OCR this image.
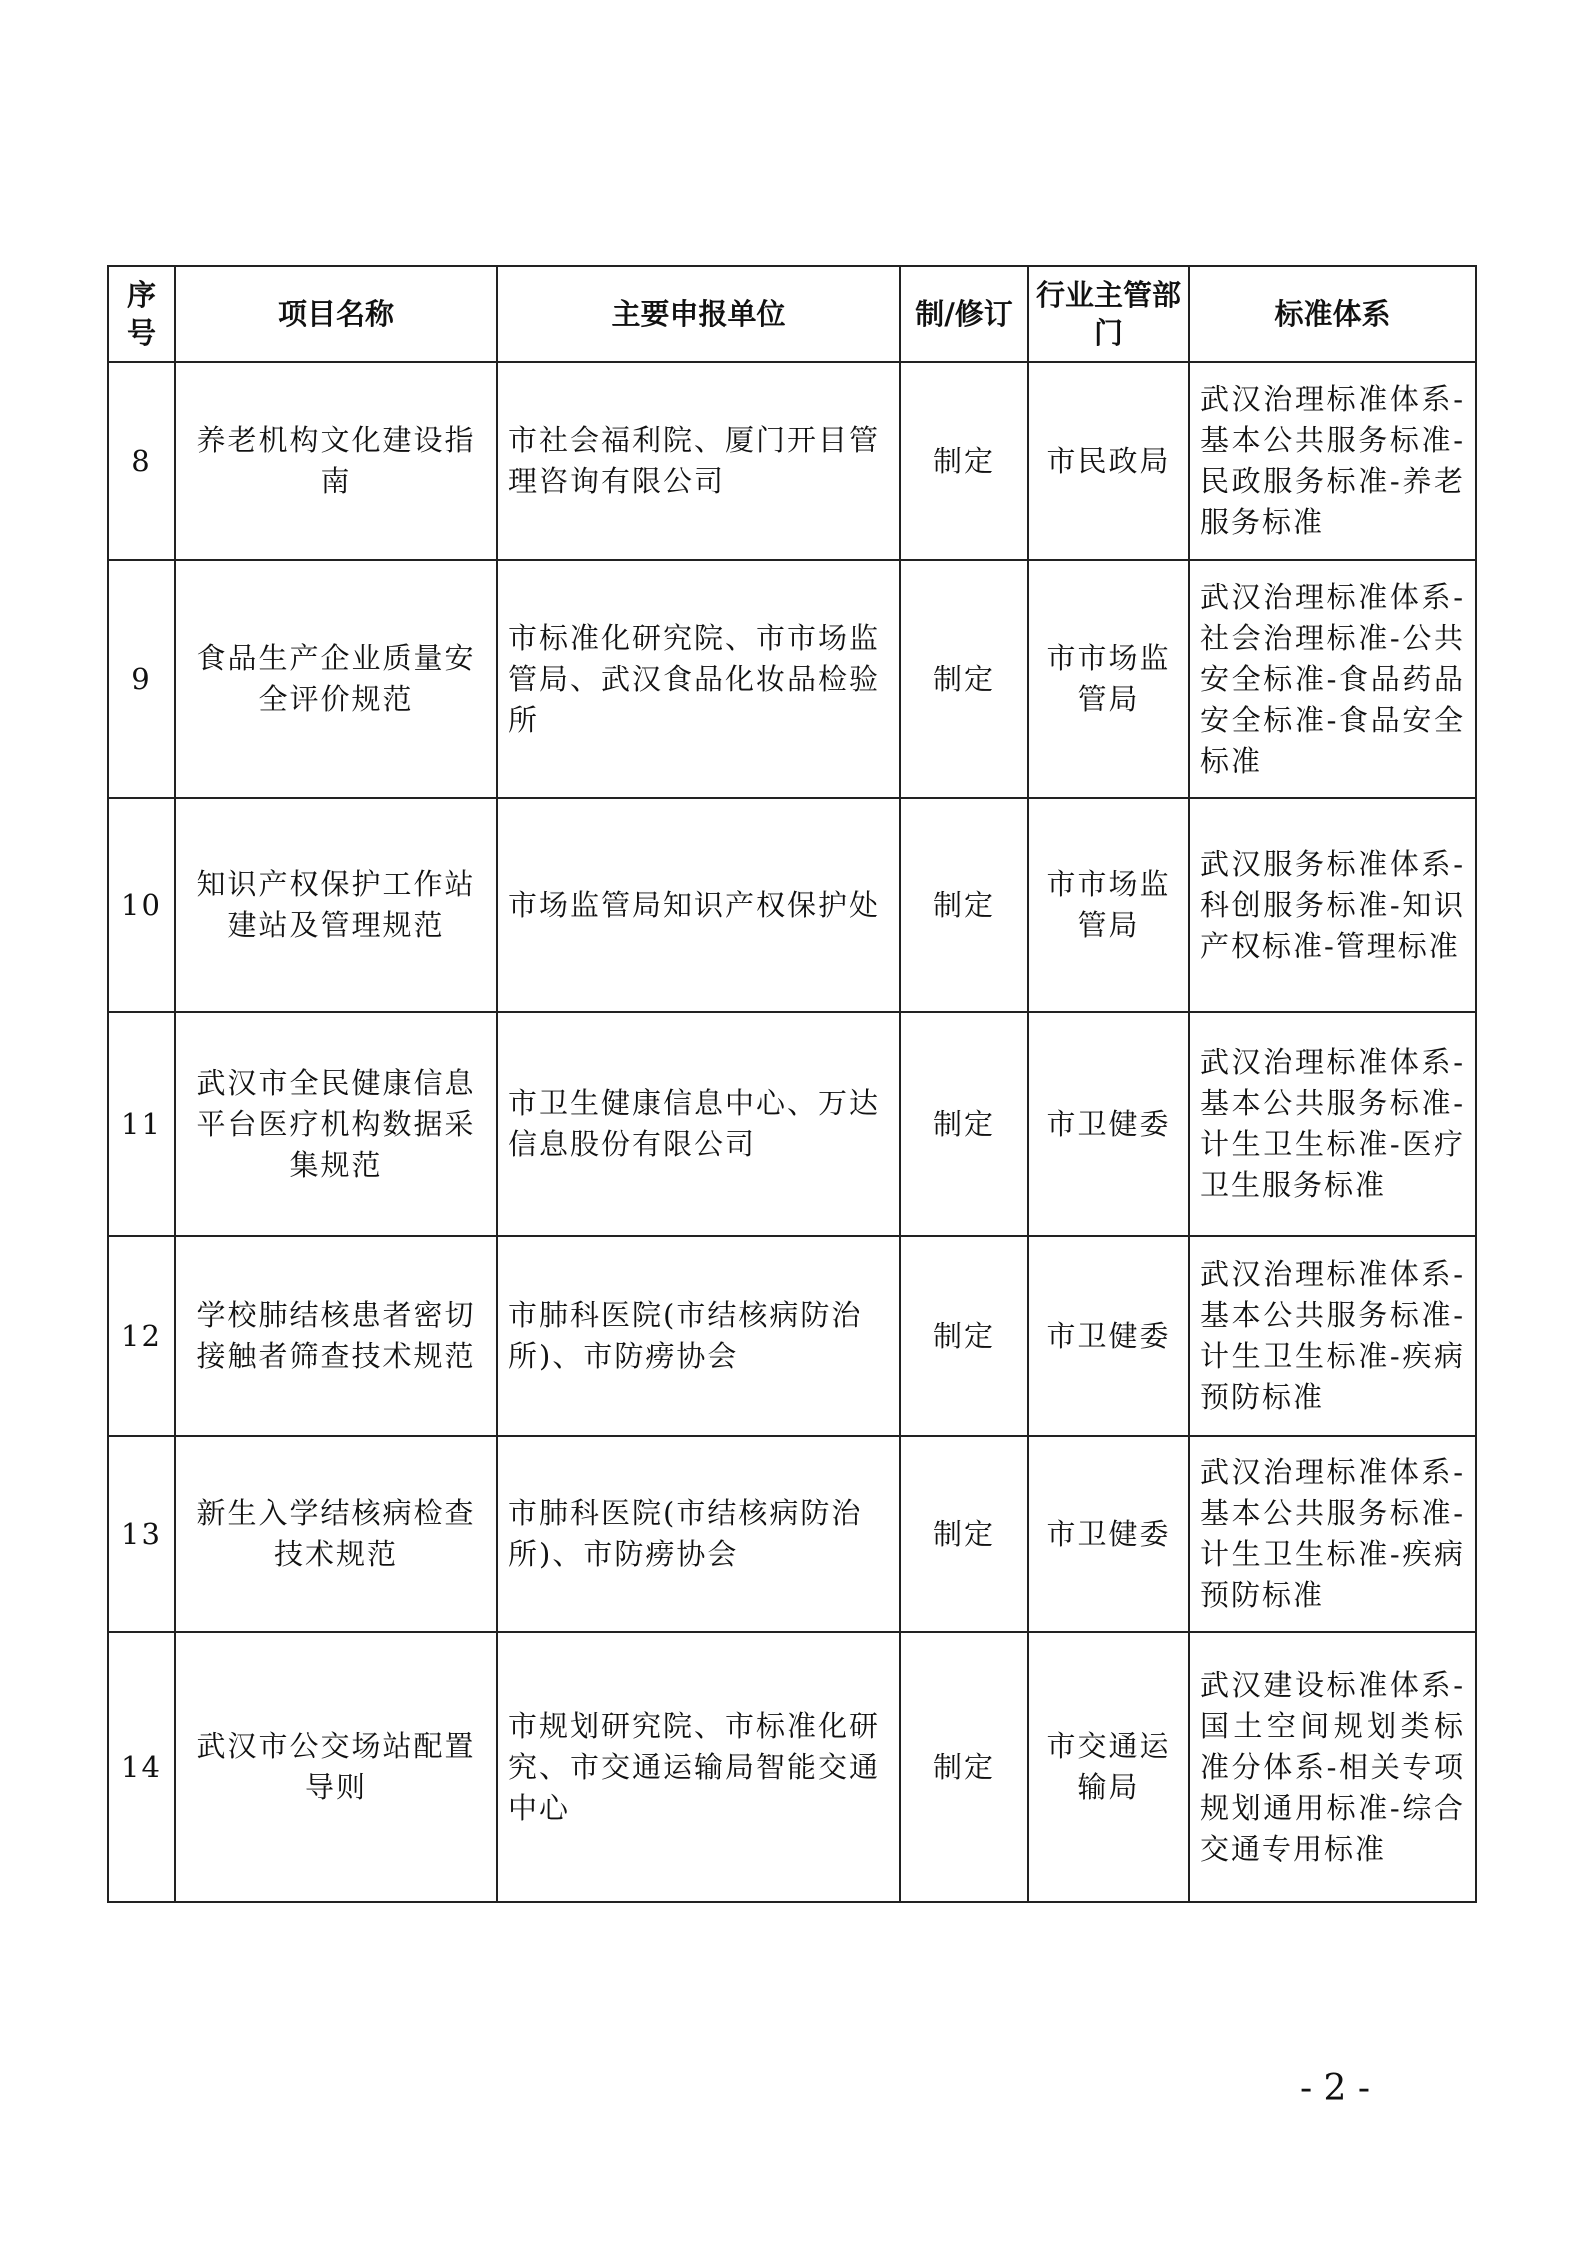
序号	项目名称	主要申报单位	制/修订	行业主管部门	标准体系
8	养老机构文化建设指南	市社会福利院、厦门开目管理咨询有限公司	制定	市民政局	武汉治理标准体系-基本公共服务标准-民政服务标准-养老服务标准
9	食品生产企业质量安全评价规范	市标准化研究院、市市场监管局、武汉食品化妆品检验所	制定	市市场监管局	武汉治理标准体系-社会治理标准-公共安全标准-食品药品安全标准-食品安全标准
10	知识产权保护工作站建站及管理规范	市场监管局知识产权保护处	制定	市市场监管局	武汉服务标准体系-科创服务标准-知识产权标准-管理标准
11	武汉市全民健康信息平台医疗机构数据采集规范	市卫生健康信息中心、万达信息股份有限公司	制定	市卫健委	武汉治理标准体系-基本公共服务标准-计生卫生标准-医疗卫生服务标准
12	学校肺结核患者密切接触者筛查技术规范	市肺科医院(市结核病防治所)、市防痨协会	制定	市卫健委	武汉治理标准体系-基本公共服务标准-计生卫生标准-疾病预防标准
13	新生入学结核病检查技术规范	市肺科医院(市结核病防治所)、市防痨协会	制定	市卫健委	武汉治理标准体系-基本公共服务标准-计生卫生标准-疾病预防标准
14	武汉市公交场站配置导则	市规划研究院、市标准化研究、市交通运输局智能交通中心	制定	市交通运输局	武汉建设标准体系-国土空间规划类标准分体系-相关专项规划通用标准-综合交通专用标准
- 2 -
